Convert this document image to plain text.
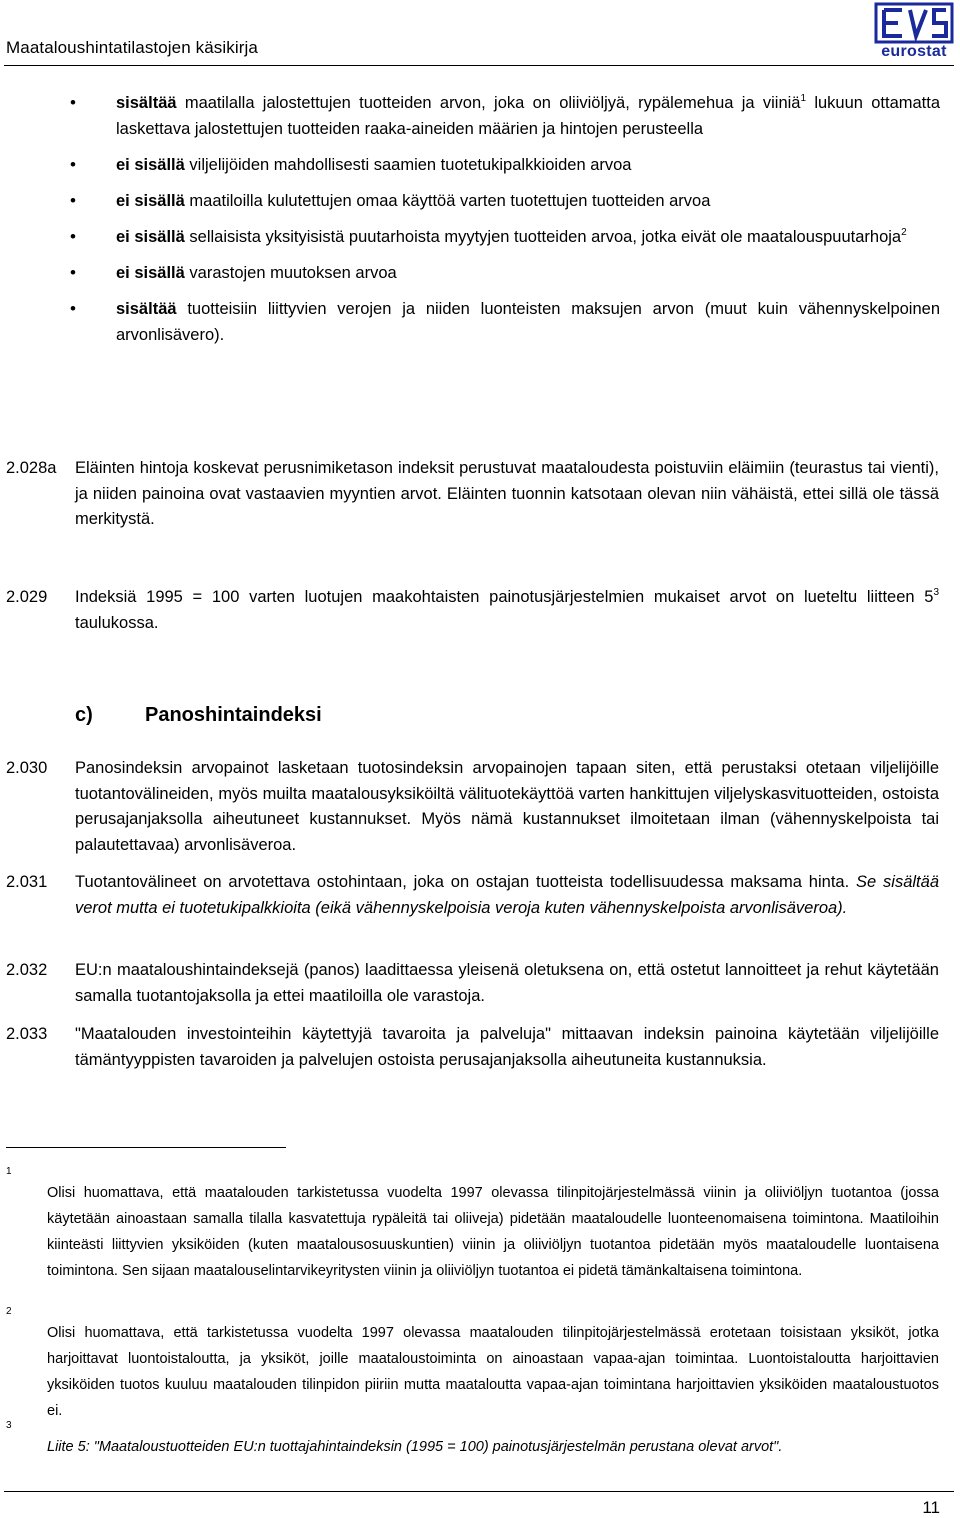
Maataloushintatilastojen käsikirja	eurostat
• sisältää maatilalla jalostettujen tuotteiden arvon, joka on oliiviöljyä, rypälemehua ja viiniä$^1$ lukuun ottamatta laskettava jalostettujen tuotteiden raaka-aineiden määrien ja hintojen perusteella
• ei sisällä viljelijöiden mahdollisesti saamien tuotetukipalkkioiden arvoa
• ei sisällä maatiloilla kulutettujen omaa käyttöä varten tuotettujen tuotteiden arvoa
• ei sisällä sellaisista yksityisistä puutarhoista myytyjen tuotteiden arvoa, jotka eivät ole maatalouspuutarhoja$^2$
• ei sisällä varastojen muutoksen arvoa
• sisältää tuotteisiin liittyvien verojen ja niiden luonteisten maksujen arvon (muut kuin vähennyskelpoinen arvonlisävero).
2.028a Eläinten hintoja koskevat perusnimiketason indeksit perustuvat maataloudesta poistuviin eläimiin (teurastus tai vienti), ja niiden painoina ovat vastaavien myyntien arvot. Eläinten tuonnin katsotaan olevan niin vähäistä, ettei sillä ole tässä merkitystä.
2.029 Indeksiä 1995 = 100 varten luotujen maakohtaisten painotusjärjestelmien mukaiset arvot on lueteltu liitteen $5^3$ taulukossa.
c)	Panoshintaindeksi
2.030 Panosindeksin arvopainot lasketaan tuotosindeksin arvopainojen tapaan siten, että perustaksi otetaan viljelijöille tuotantovälineiden, myös muilta maatalousyksiköiltä välituotekäyttöä varten hankittujen viljelyskasvituotteiden, ostoista perusajanjaksolla aiheutuneet kustannukset. Myös nämä kustannukset ilmoitetaan ilman (vähennyskelpoista tai palautettavaa) arvonlisäveroa.
2.031 Tuotantovälineet on arvotettava ostohintaan, joka on ostajan tuotteista todellisuudessa maksama hinta. Se sisältää verot mutta ei tuotetukipalkkioita (eikä vähennyskelpoisia veroja kuten vähennyskelpoista arvonlisäveroa).
2.032 EU:n maataloushintaindeksejä (panos) laadittaessa yleisenä oletuksena on, että ostetut lannoitteet ja rehut käytetään samalla tuotantojaksolla ja ettei maatiloilla ole varastoja.
2.033 "Maatalouden investointeihin käytettyjä tavaroita ja palveluja" mittaavan indeksin painoina käytetään viljelijöille tämäntyyppisten tavaroiden ja palvelujen ostoista perusajanjaksolla aiheutuneita kustannuksia.
1
Olisi huomattava, että maatalouden tarkistetussa vuodelta 1997 olevassa tilinpitojärjestelmässä viinin ja oliiviöljyn tuotantoa (jossa käytetään ainoastaan samalla tilalla kasvatettuja rypäleitä tai oliiveja) pidetään maataloudelle luonteenomaisena toimintona. Maatiloihin kiinteästi liittyvien yksiköiden (kuten maatalousosuuskuntien) viinin ja oliiviöljyn tuotantoa pidetään myös maataloudelle luontaisena toimintona. Sen sijaan maatalouselintarvikeyritysten viinin ja oliiviöljyn tuotantoa ei pidetä tämänkaltaisena toimintona.
2
Olisi huomattava, että tarkistetussa vuodelta 1997 olevassa maatalouden tilinpitojärjestelmässä erotetaan toisistaan yksiköt, jotka harjoittavat luontoistaloutta, ja yksiköt, joille maataloustoiminta on ainoastaan vapaa-ajan toimintaa. Luontoistaloutta harjoittavien yksiköiden tuotos kuuluu maatalouden tilinpidon piiriin mutta maataloutta vapaa-ajan toimintana harjoittavien yksiköiden maataloustuotos ei.
3
Liite 5: "Maataloustuotteiden EU:n tuottajahintaindeksin (1995 = 100) painotusjärjestelmän perustana olevat arvot".
11
